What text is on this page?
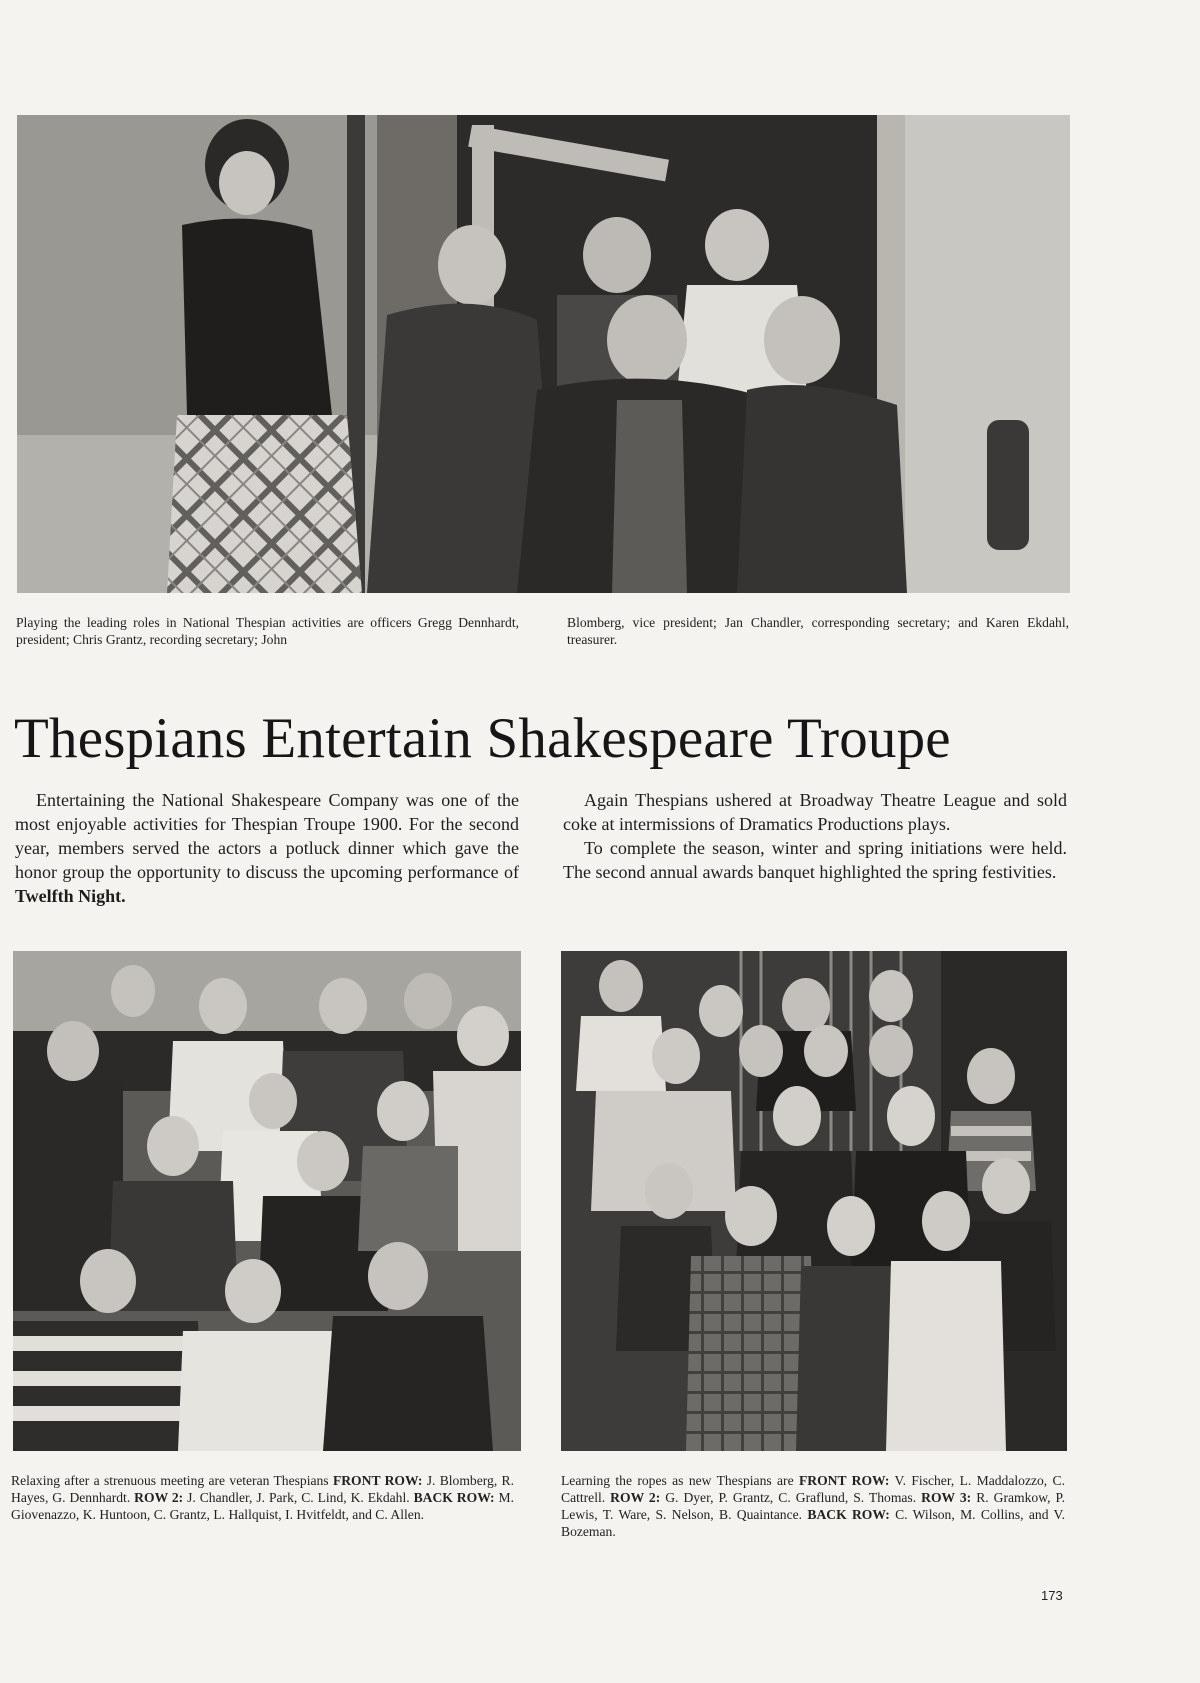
Playing the leading roles in National Thespian activities are officers Gregg Dennhardt, president; Chris Grantz, recording secretary; John
Blomberg, vice president; Jan Chandler, corresponding secretary; and Karen Ekdahl, treasurer.
Thespians Entertain Shakespeare Troupe

Entertaining the National Shakespeare Company was one of the most enjoyable activities for Thespian Troupe 1900. For the second year, members served the actors a potluck dinner which gave the honor group the opportunity to discuss the upcoming performance of Twelfth Night.

Again Thespians ushered at Broadway Theatre League and sold coke at intermissions of Dramatics Productions plays.

To complete the season, winter and spring initiations were held. The second annual awards banquet highlighted the spring festivities.

Relaxing after a strenuous meeting are veteran Thespians FRONT ROW: J. Blomberg, R. Hayes, G. Dennhardt. ROW 2: J. Chandler, J. Park, C. Lind, K. Ekdahl. BACK ROW: M. Giovenazzo, K. Huntoon, C. Grantz, L. Hallquist, I. Hvitfeldt, and C. Allen.
Learning the ropes as new Thespians are FRONT ROW: V. Fischer, L. Maddalozzo, C. Cattrell. ROW 2: G. Dyer, P. Grantz, C. Graflund, S. Thomas. ROW 3: R. Gramkow, P. Lewis, T. Ware, S. Nelson, B. Quaintance. BACK ROW: C. Wilson, M. Collins, and V. Bozeman.
173
